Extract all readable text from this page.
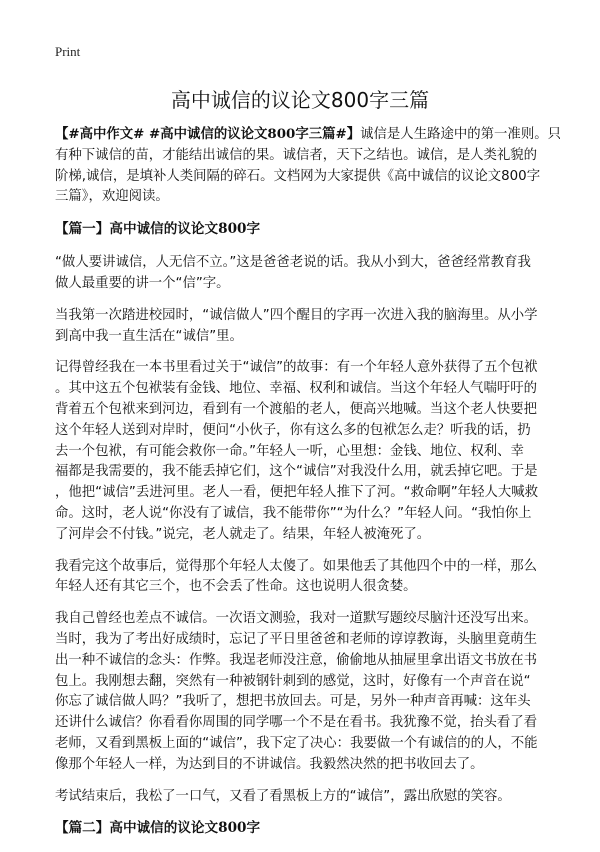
Print
高中诚信的议论文800字三篇
【#高中作文# #高中诚信的议论文800字三篇#】诚信是人生路途中的第一准则。只
有种下诚信的苗，才能结出诚信的果。诚信者，天下之结也。诚信，是人类礼貌的
阶梯,诚信，是填补人类间隔的碎石。文档网为大家提供《高中诚信的议论文800字
三篇》，欢迎阅读。
【篇一】高中诚信的议论文800字
“做人要讲诚信，人无信不立。”这是爸爸老说的话。我从小到大，爸爸经常教育我
做人最重要的讲一个“信”字。
当我第一次踏进校园时，“诚信做人”四个醒目的字再一次进入我的脑海里。从小学
到高中我一直生活在“诚信”里。
记得曾经我在一本书里看过关于“诚信”的故事：有一个年轻人意外获得了五个包袱
。其中这五个包袱装有金钱、地位、幸福、权利和诚信。当这个年轻人气喘吁吁的
背着五个包袱来到河边，看到有一个渡船的老人，便高兴地喊。当这个老人快要把
这个年轻人送到对岸时，便问“小伙子，你有这么多的包袱怎么走？听我的话，扔
去一个包袱，有可能会救你一命。”年轻人一听，心里想：金钱、地位、权利、幸
福都是我需要的，我不能丢掉它们，这个“诚信”对我没什么用，就丢掉它吧。于是
，他把“诚信”丢进河里。老人一看，便把年轻人推下了河。“救命啊”年轻人大喊救
命。这时，老人说“你没有了诚信，我不能带你”“为什么？”年轻人问。“我怕你上
了河岸会不付钱。”说完，老人就走了。结果，年轻人被淹死了。
我看完这个故事后，觉得那个年轻人太傻了。如果他丢了其他四个中的一样，那么
年轻人还有其它三个，也不会丢了性命。这也说明人很贪婪。
我自己曾经也差点不诚信。一次语文测验，我对一道默写题绞尽脑汁还没写出来。
当时，我为了考出好成绩时，忘记了平日里爸爸和老师的谆谆教诲，头脑里竟萌生
出一种不诚信的念头：作弊。我逞老师没注意，偷偷地从抽屉里拿出语文书放在书
包上。我刚想去翻，突然有一种被钢针刺到的感觉，这时，好像有一个声音在说“
你忘了诚信做人吗？”我听了，想把书放回去。可是，另外一种声音再喊：这年头
还讲什么诚信？你看看你周围的同学哪一个不是在看书。我犹豫不觉，抬头看了看
老师，又看到黑板上面的“诚信”，我下定了决心：我要做一个有诚信的的人，不能
像那个年轻人一样，为达到目的不讲诚信。我毅然决然的把书收回去了。
考试结束后，我松了一口气，又看了看黑板上方的“诚信”，露出欣慰的笑容。
【篇二】高中诚信的议论文800字
